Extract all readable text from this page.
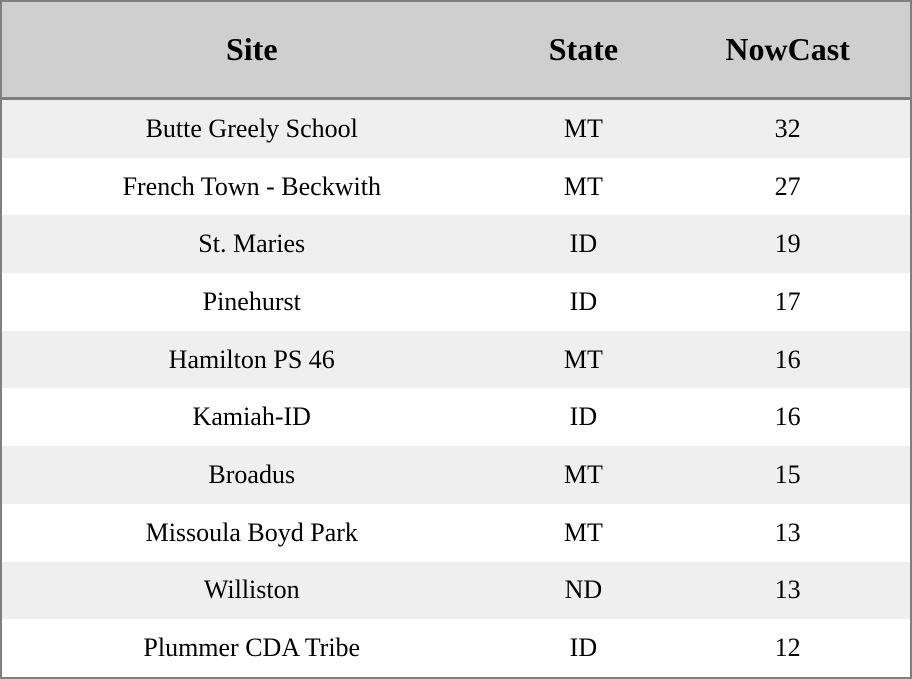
Site	State	NowCast
Butte Greely School	MT	32
French Town - Beckwith	MT	27
St. Maries	ID	19
Pinehurst	ID	17
Hamilton PS 46	MT	16
Kamiah-ID	ID	16
Broadus	MT	15
Missoula Boyd Park	MT	13
Williston	ND	13
Plummer CDA Tribe	ID	12
